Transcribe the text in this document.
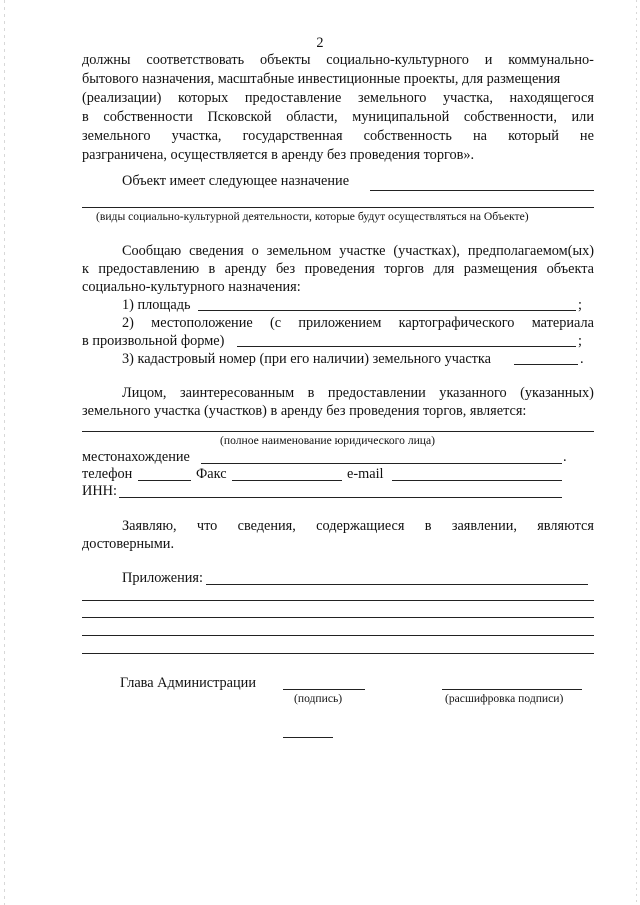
2
должны соответствовать объекты социально-культурного и коммунально-
бытового назначения, масштабные инвестиционные проекты, для размещения
(реализации) которых предоставление земельного участка, находящегося
в собственности Псковской области, муниципальной собственности, или
земельного участка, государственная собственность на который не
разграничена, осуществляется в аренду без проведения торгов».
Объект имеет следующее назначение
(виды социально-культурной деятельности, которые будут осуществляться на Объекте)
Сообщаю сведения о земельном участке (участках), предполагаемом(ых)
к предоставлению в аренду без проведения торгов для размещения объекта
социально-культурного назначения:
1) площадь	;
2) местоположение (с приложением картографического материала
в произвольной форме)	;
3) кадастровый номер (при его наличии) земельного участка	.
Лицом, заинтересованным в предоставлении указанного (указанных)
земельного участка (участков) в аренду без проведения торгов, является:
(полное наименование юридического лица)
местонахождение	.
телефон	Факс	e-mail
ИНН:
Заявляю, что сведения, содержащиеся в заявлении, являются
достоверными.
Приложения:
Глава Администрации
(подпись)	(расшифровка подписи)
